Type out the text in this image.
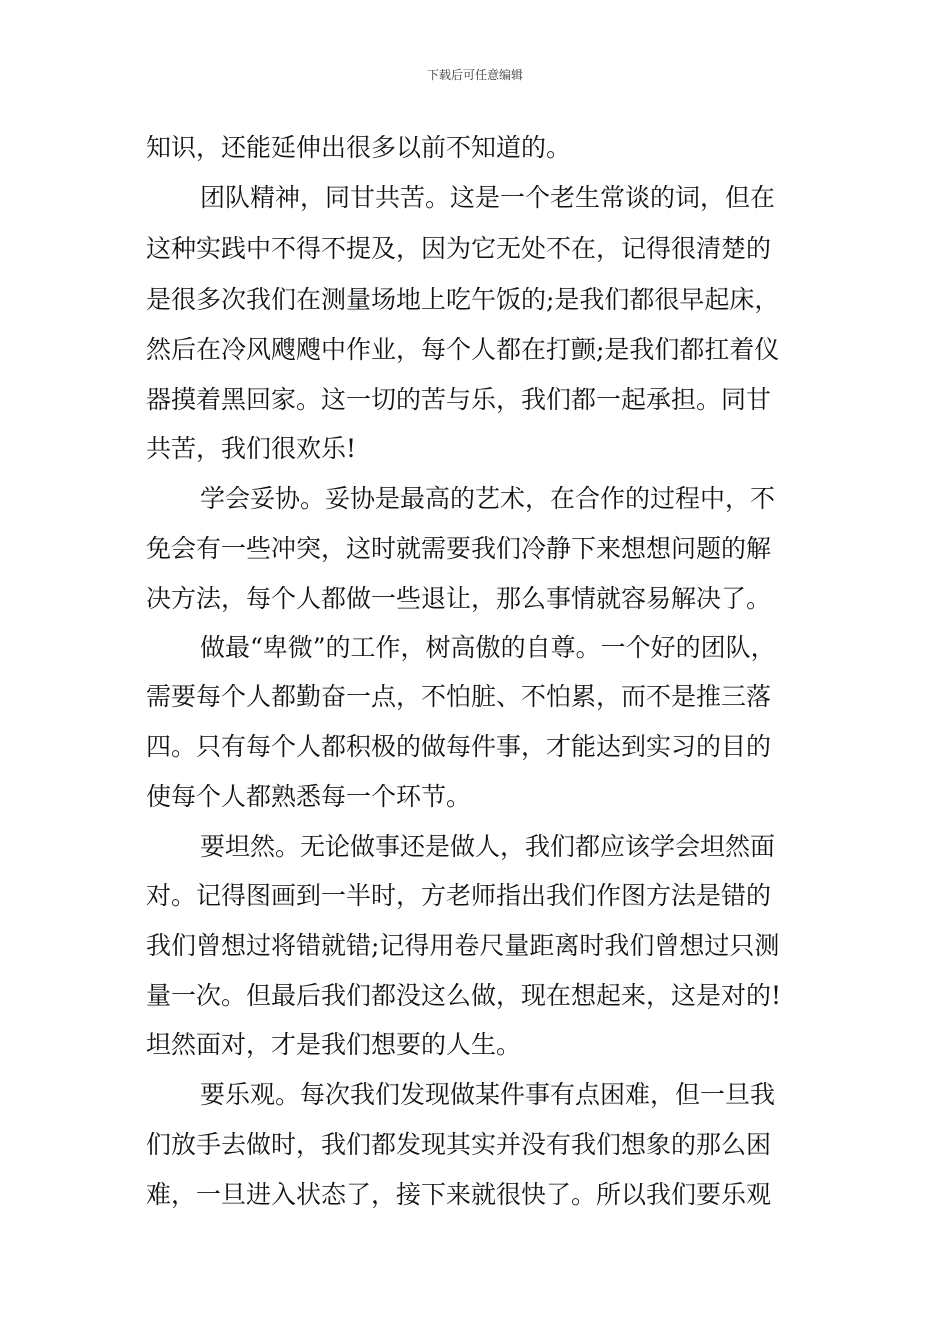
下载后可任意编辑
知识，还能延伸出很多以前不知道的。
团队精神，同甘共苦。这是一个老生常谈的词，但在
这种实践中不得不提及，因为它无处不在，记得很清楚的
是很多次我们在测量场地上吃午饭的;是我们都很早起床，
然后在冷风飕飕中作业，每个人都在打颤;是我们都扛着仪
器摸着黑回家。这一切的苦与乐，我们都一起承担。同甘
共苦，我们很欢乐!
学会妥协。妥协是最高的艺术，在合作的过程中，不
免会有一些冲突，这时就需要我们冷静下来想想问题的解
决方法，每个人都做一些退让，那么事情就容易解决了。
做最“卑微”的工作，树高傲的自尊。一个好的团队，
需要每个人都勤奋一点，不怕脏、不怕累，而不是推三落
四。只有每个人都积极的做每件事，才能达到实习的目的
使每个人都熟悉每一个环节。
要坦然。无论做事还是做人，我们都应该学会坦然面
对。记得图画到一半时，方老师指出我们作图方法是错的
我们曾想过将错就错;记得用卷尺量距离时我们曾想过只测
量一次。但最后我们都没这么做，现在想起来，这是对的!
坦然面对，才是我们想要的人生。
要乐观。每次我们发现做某件事有点困难，但一旦我
们放手去做时，我们都发现其实并没有我们想象的那么困
难，一旦进入状态了，接下来就很快了。所以我们要乐观
